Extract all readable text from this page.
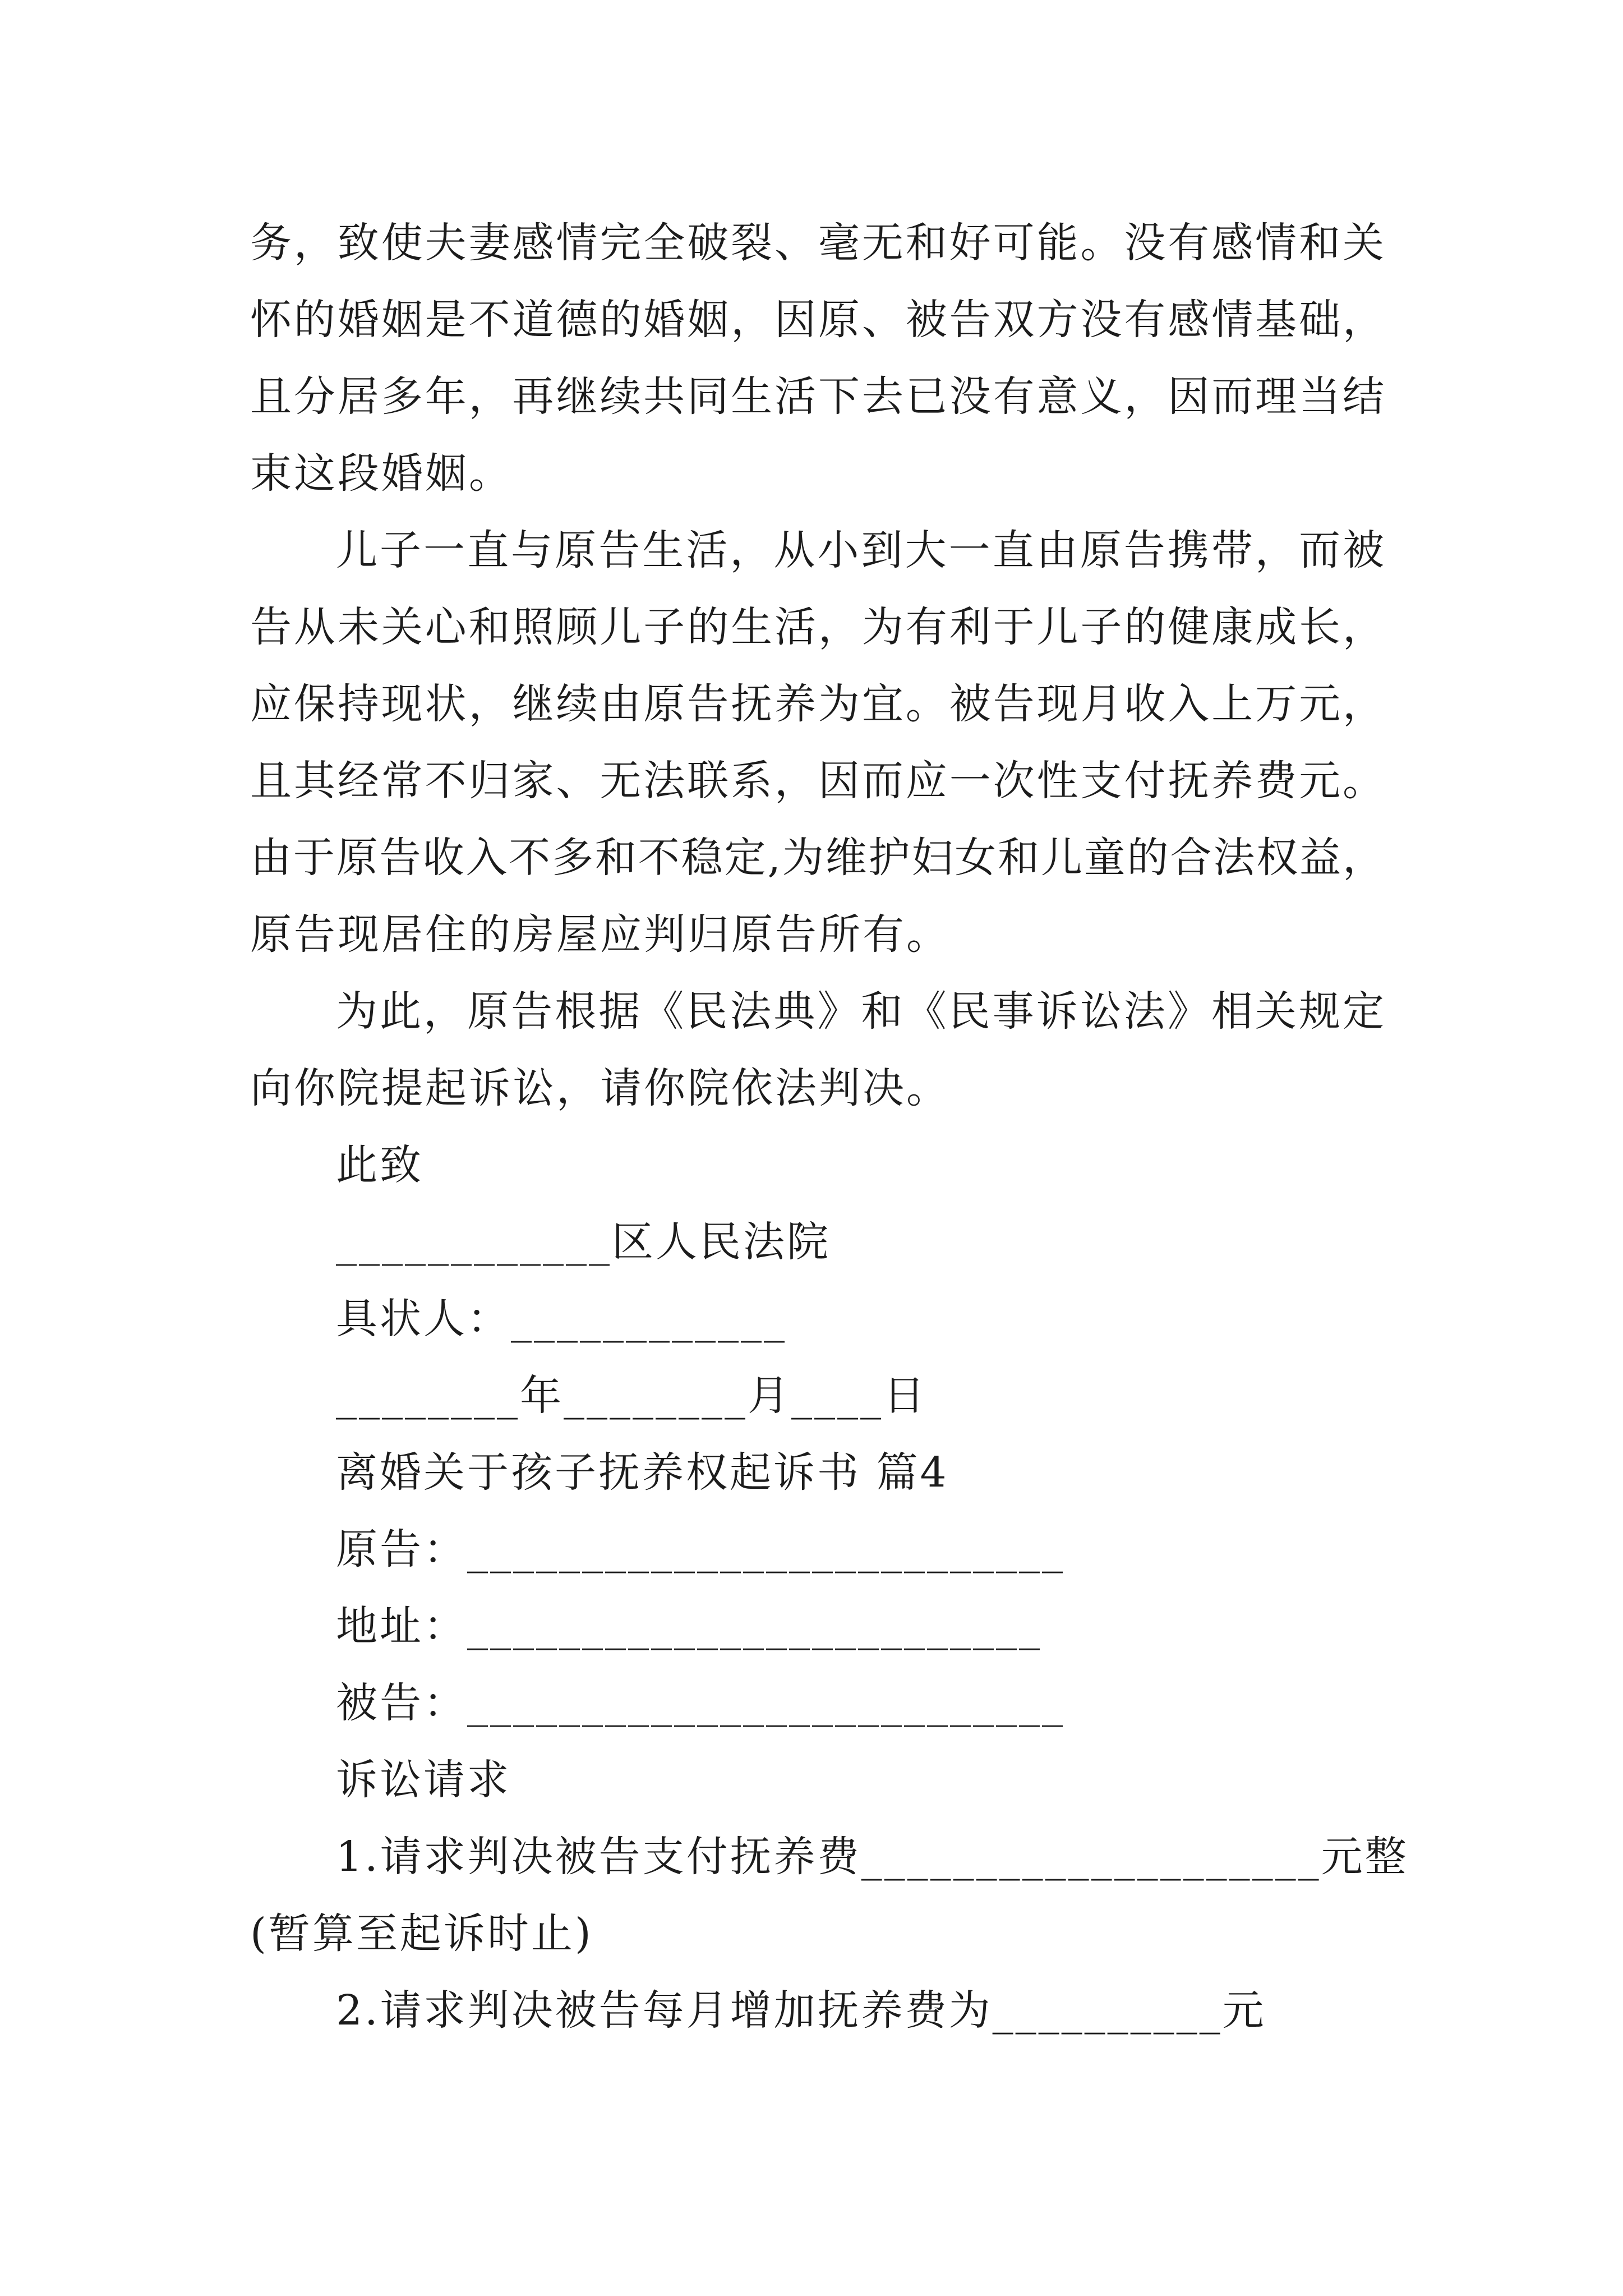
务，致使夫妻感情完全破裂、毫无和好可能。没有感情和关
怀的婚姻是不道德的婚姻，因原、被告双方没有感情基础，
且分居多年，再继续共同生活下去已没有意义，因而理当结
束这段婚姻。
儿子一直与原告生活，从小到大一直由原告携带，而被
告从未关心和照顾儿子的生活，为有利于儿子的健康成长，
应保持现状，继续由原告抚养为宜。被告现月收入上万元，
且其经常不归家、无法联系，因而应一次性支付抚养费元。
由于原告收入不多和不稳定,为维护妇女和儿童的合法权益，
原告现居住的房屋应判归原告所有。
为此，原告根据《民法典》和《民事诉讼法》相关规定
向你院提起诉讼，请你院依法判决。
此致
____________区人民法院
具状人：____________
________年________月____日
离婚关于孩子抚养权起诉书 篇4
原告：__________________________
地址：_________________________
被告：__________________________
诉讼请求
1.请求判决被告支付抚养费____________________元整
(暂算至起诉时止)
2.请求判决被告每月增加抚养费为__________元
